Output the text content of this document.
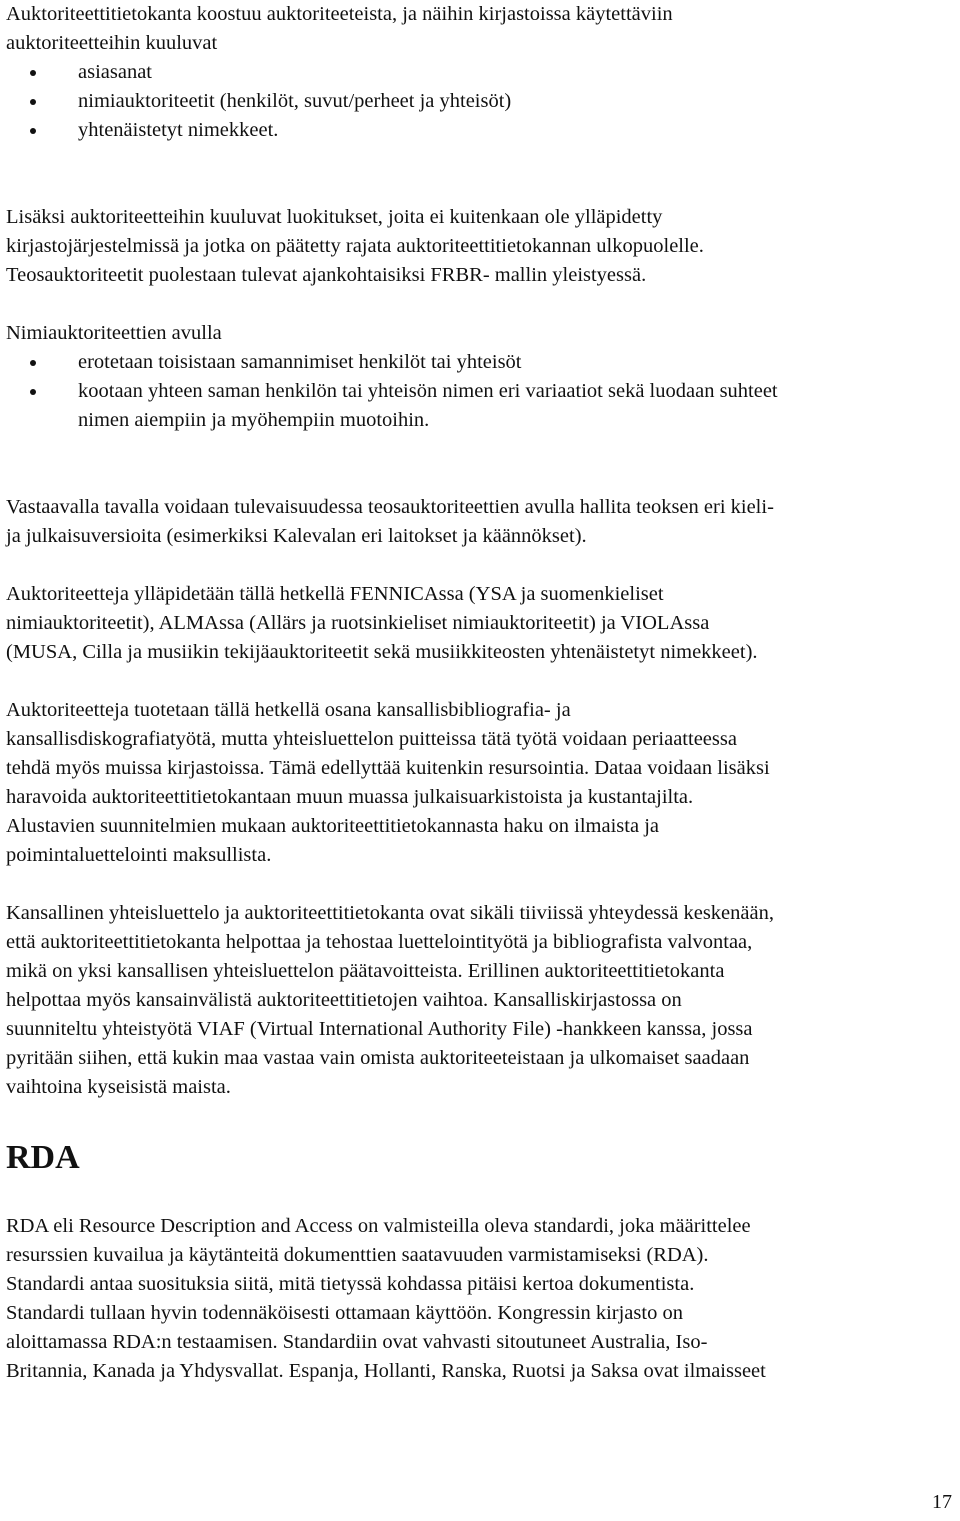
Auktoriteettitietokanta koostuu auktoriteeteista, ja näihin kirjastoissa käytettäviin
auktoriteetteihin kuuluvat

asiasanat
nimiauktoriteetit (henkilöt, suvut/perheet ja yhteisöt)
yhtenäistetyt nimekkeet.

Lisäksi auktoriteetteihin kuuluvat luokitukset, joita ei kuitenkaan ole ylläpidetty
kirjastojärjestelmissä ja jotka on päätetty rajata auktoriteettitietokannan ulkopuolelle.
Teosauktoriteetit puolestaan tulevat ajankohtaisiksi FRBR- mallin yleistyessä.

Nimiauktoriteettien avulla

erotetaan toisistaan samannimiset henkilöt tai yhteisöt
kootaan yhteen saman henkilön tai yhteisön nimen eri variaatiot sekä luodaan suhteet
nimen aiempiin ja myöhempiin muotoihin.

Vastaavalla tavalla voidaan tulevaisuudessa teosauktoriteettien avulla hallita teoksen eri kieli-
ja julkaisuversioita (esimerkiksi Kalevalan eri laitokset ja käännökset).

Auktoriteetteja ylläpidetään tällä hetkellä FENNICAssa (YSA ja suomenkieliset
nimiauktoriteetit), ALMAssa (Allärs ja ruotsinkieliset nimiauktoriteetit) ja VIOLAssa
(MUSA, Cilla ja musiikin tekijäauktoriteetit sekä musiikkiteosten yhtenäistetyt nimekkeet).

Auktoriteetteja tuotetaan tällä hetkellä osana kansallisbibliografia- ja
kansallisdiskografiatyötä, mutta yhteisluettelon puitteissa tätä työtä voidaan periaatteessa
tehdä myös muissa kirjastoissa. Tämä edellyttää kuitenkin resursointia. Dataa voidaan lisäksi
haravoida auktoriteettitietokantaan muun muassa julkaisuarkistoista ja kustantajilta.
Alustavien suunnitelmien mukaan auktoriteettitietokannasta haku on ilmaista ja
poimintaluettelointi maksullista.

Kansallinen yhteisluettelo ja auktoriteettitietokanta ovat sikäli tiiviissä yhteydessä keskenään,
että auktoriteettitietokanta helpottaa ja tehostaa luettelointityötä ja bibliografista valvontaa,
mikä on yksi kansallisen yhteisluettelon päätavoitteista. Erillinen auktoriteettitietokanta
helpottaa myös kansainvälistä auktoriteettitietojen vaihtoa. Kansalliskirjastossa on
suunniteltu yhteistyötä VIAF (Virtual International Authority File) -hankkeen kanssa, jossa
pyritään siihen, että kukin maa vastaa vain omista auktoriteeteistaan ja ulkomaiset saadaan
vaihtoina kyseisistä maista.

RDA

RDA eli Resource Description and Access on valmisteilla oleva standardi, joka määrittelee
resurssien kuvailua ja käytänteitä dokumenttien saatavuuden varmistamiseksi (RDA).
Standardi antaa suosituksia siitä, mitä tietyssä kohdassa pitäisi kertoa dokumentista.
Standardi tullaan hyvin todennäköisesti ottamaan käyttöön. Kongressin kirjasto on
aloittamassa RDA:n testaamisen. Standardiin ovat vahvasti sitoutuneet Australia, Iso-
Britannia, Kanada ja Yhdysvallat. Espanja, Hollanti, Ranska, Ruotsi ja Saksa ovat ilmaisseet

17
